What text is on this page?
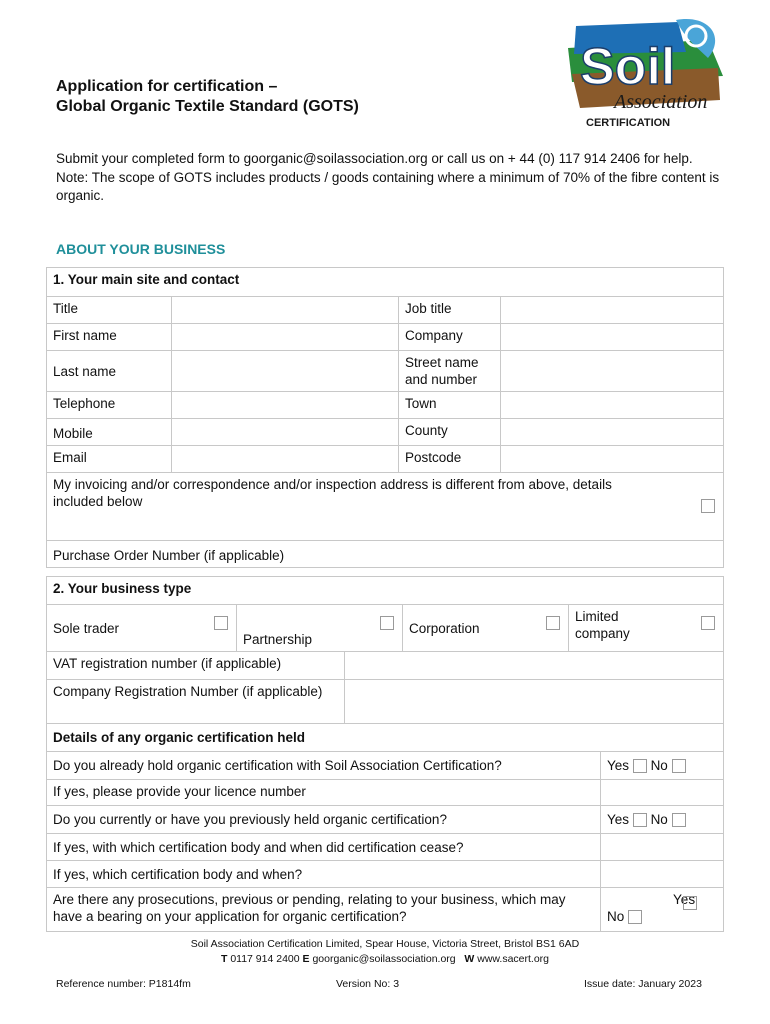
Application for certification –
Global Organic Textile Standard (GOTS)
Soil
Association
CERTIFICATION
Submit your completed form to goorganic@soilassociation.org or call us on + 44 (0) 117 914 2406 for help.
Note: The scope of GOTS includes products / goods containing where a minimum of 70% of the fibre content is organic.
ABOUT YOUR BUSINESS
1. Your main site and contact			
Title		Job title	
First name		Company	
Last name		Street name and number	
Telephone		Town	
Mobile		County	
Email		Postcode	

My invoicing and/or correspondence and/or inspection address is different from above, details included below			

Purchase Order Number (if applicable)			
2. Your business type					
Sole trader	Partnership		Corporation	Limited company	

VAT registration number (if applicable)					
Company Registration Number (if applicable)					
Details of any organic certification held					
Do you already hold organic certification with Soil Association Certification?					Yes No
If yes, please provide your licence number					
Do you currently or have you previously held organic certification?					Yes No
If yes, with which certification body and when did certification cease?					
If yes, which certification body and when?					
Are there any prosecutions, previous or pending, relating to your business, which may have a bearing on your application for organic certification?					Yes
No
Soil Association Certification Limited, Spear House, Victoria Street, Bristol BS1 6AD
T 0117 914 2400 E goorganic@soilassociation.org W www.sacert.org
Reference number: P1814fm	Version No: 3	Issue date: January 2023
